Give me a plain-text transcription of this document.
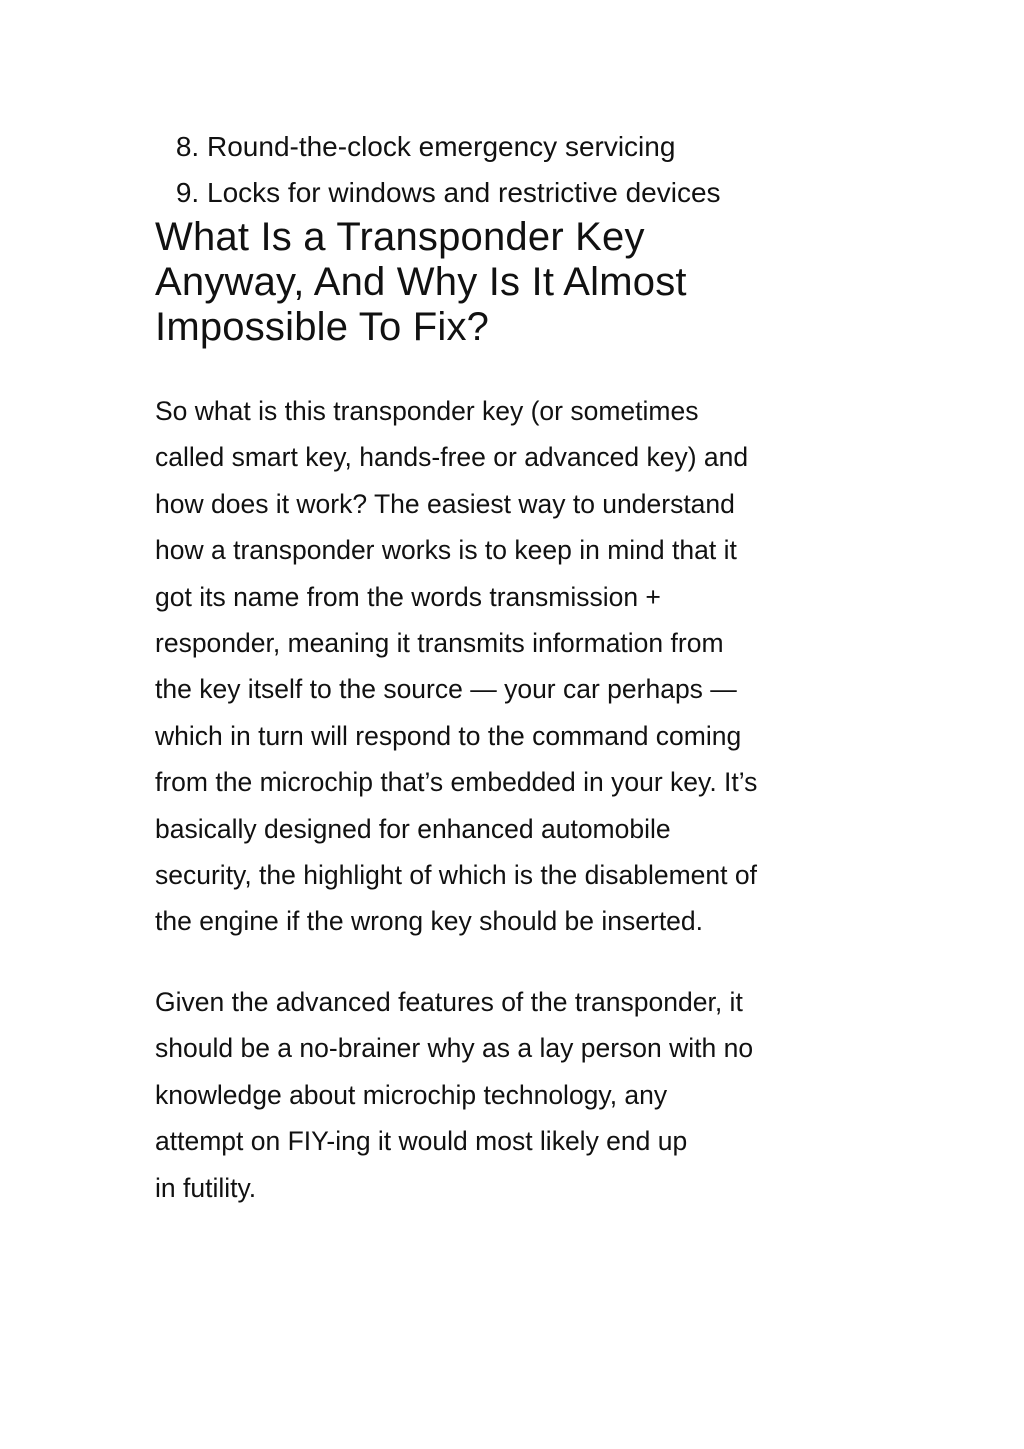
8. Round-the-clock emergency servicing
9. Locks for windows and restrictive devices
What Is a Transponder Key
Anyway, And Why Is It Almost
Impossible To Fix?

So what is this transponder key (or sometimes
called smart key, hands-free or advanced key) and
how does it work? The easiest way to understand
how a transponder works is to keep in mind that it
got its name from the words transmission +
responder, meaning it transmits information from
the key itself to the source — your car perhaps —
which in turn will respond to the command coming
from the microchip that’s embedded in your key. It’s
basically designed for enhanced automobile
security, the highlight of which is the disablement of
the engine if the wrong key should be inserted.

Given the advanced features of the transponder, it
should be a no-brainer why as a lay person with no
knowledge about microchip technology, any
attempt on FIY-ing it would most likely end up
in futility.
